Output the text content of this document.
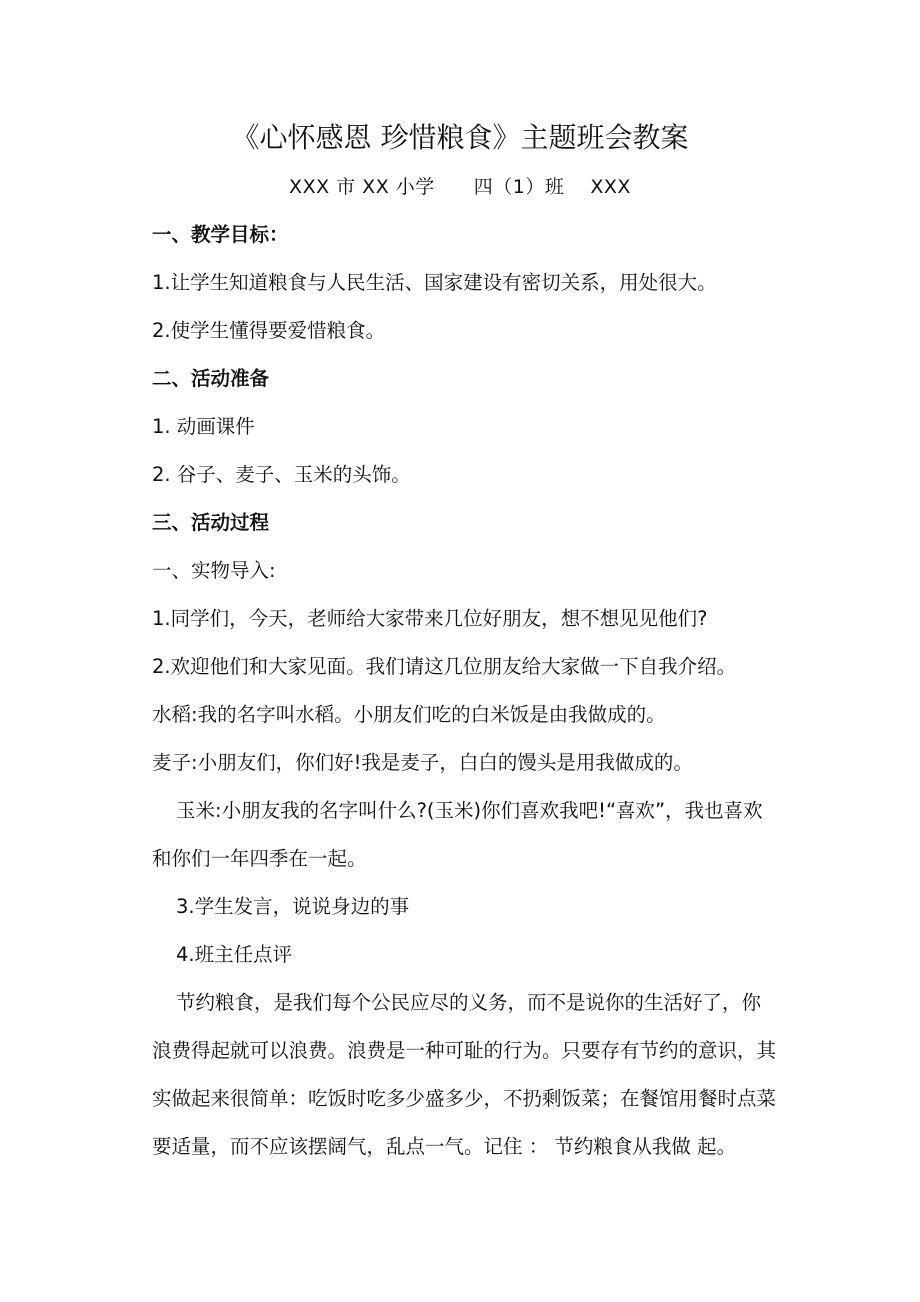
《心怀感恩 珍惜粮食》主题班会教案
XXX 市 XX 小学　　四（1）班　 XXX
一、教学目标：
1.让学生知道粮食与人民生活、国家建设有密切关系，用处很大。
2.使学生懂得要爱惜粮食。
二、活动准备
1. 动画课件
2. 谷子、麦子、玉米的头饰。
三、活动过程
一、实物导入:
1.同学们，今天，老师给大家带来几位好朋友，想不想见见他们?
2.欢迎他们和大家见面。我们请这几位朋友给大家做一下自我介绍。
水稻:我的名字叫水稻。小朋友们吃的白米饭是由我做成的。
麦子:小朋友们，你们好!我是麦子，白白的馒头是用我做成的。
玉米:小朋友我的名字叫什么?(玉米)你们喜欢我吧!“喜欢”，我也喜欢
和你们一年四季在一起。
3.学生发言，说说身边的事
4.班主任点评
节约粮食，是我们每个公民应尽的义务，而不是说你的生活好了，你
浪费得起就可以浪费。浪费是一种可耻的行为。只要存有节约的意识，其
实做起来很简单：吃饭时吃多少盛多少，不扔剩饭菜；在餐馆用餐时点菜
要适量，而不应该摆阔气，乱点一气。记住 ： 节约粮食从我做 起。
